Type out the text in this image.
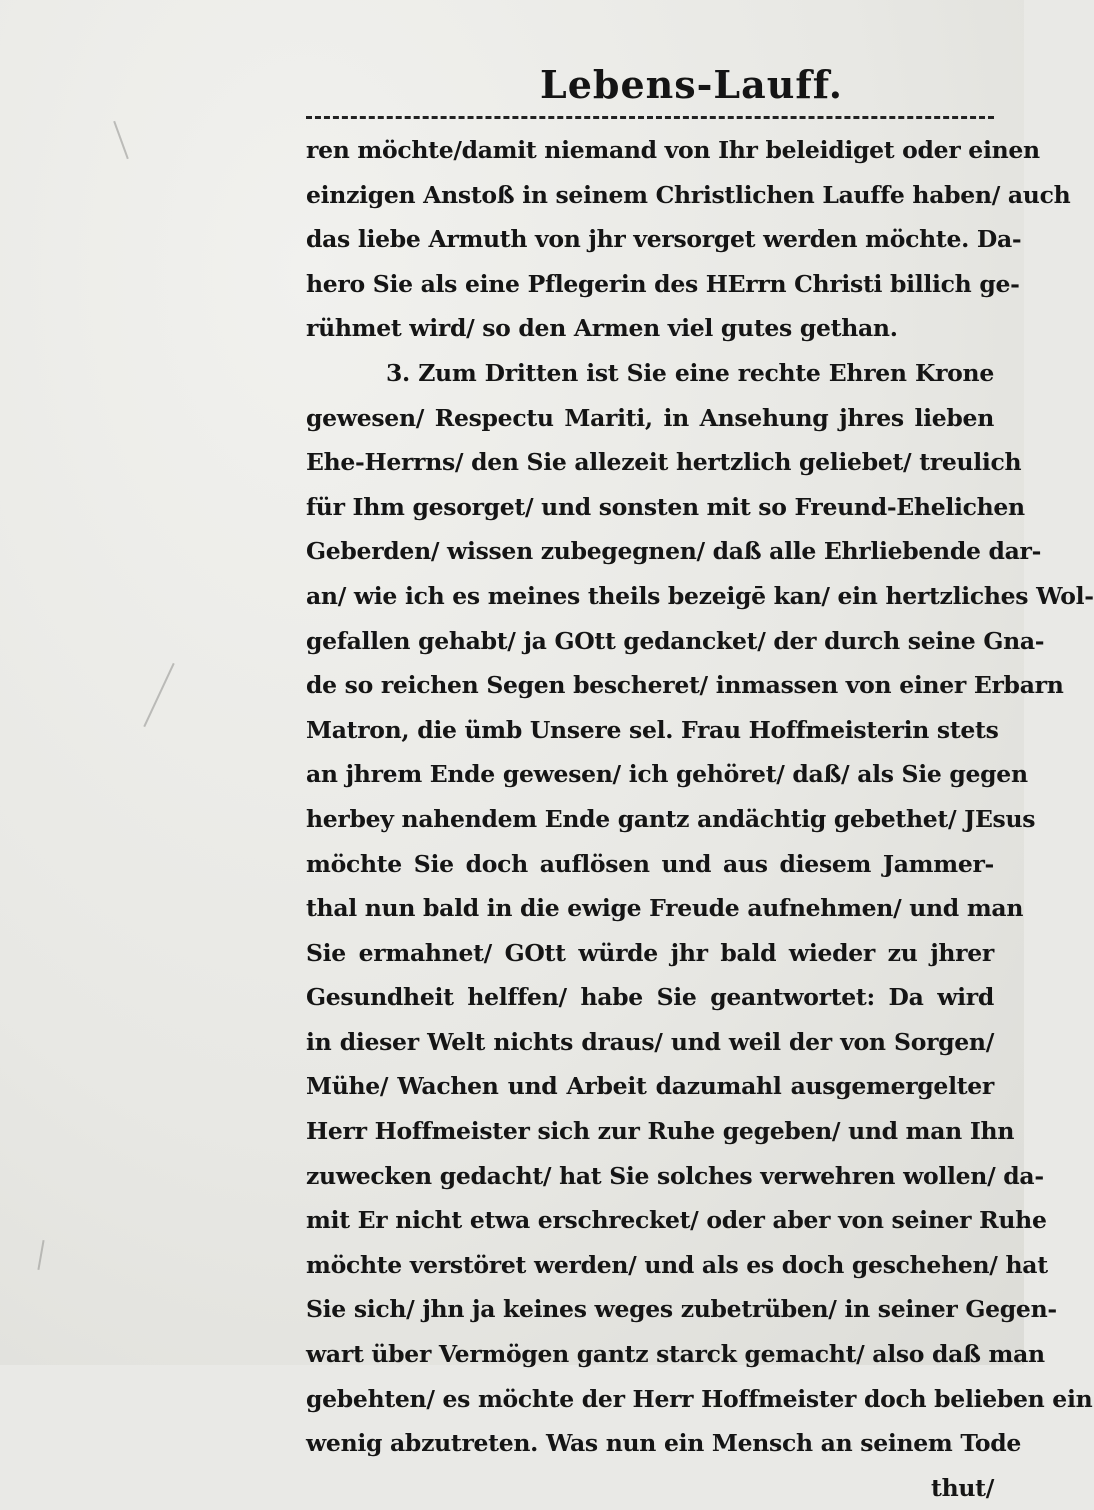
Lebens-Lauff.
ren möchte/damit niemand von Ihr beleidiget oder einen
einzigen Anstoß in seinem Christlichen Lauffe haben/ auch
das liebe Armuth von jhr versorget werden möchte. Da-
hero Sie als eine Pflegerin des HErrn Christi billich ge-
rühmet wird/ so den Armen viel gutes gethan.
3. Zum Dritten ist Sie eine rechte Ehren Krone
gewesen/ Respectu Mariti, in Ansehung jhres lieben
Ehe-Herrns/ den Sie allezeit hertzlich geliebet/ treulich
für Ihm gesorget/ und sonsten mit so Freund-Ehelichen
Geberden/ wissen zubegegnen/ daß alle Ehrliebende dar-
an/ wie ich es meines theils bezeigē kan/ ein hertzliches Wol-
gefallen gehabt/ ja GOtt gedancket/ der durch seine Gna-
de so reichen Segen bescheret/ inmassen von einer Erbarn
Matron, die ümb Unsere sel. Frau Hoffmeisterin stets
an jhrem Ende gewesen/ ich gehöret/ daß/ als Sie gegen
herbey nahendem Ende gantz andächtig gebethet/ JEsus
möchte Sie doch auflösen und aus diesem Jammer-
thal nun bald in die ewige Freude aufnehmen/ und man
Sie ermahnet/ GOtt würde jhr bald wieder zu jhrer
Gesundheit helffen/ habe Sie geantwortet: Da wird
in dieser Welt nichts draus/ und weil der von Sorgen/
Mühe/ Wachen und Arbeit dazumahl ausgemergelter
Herr Hoffmeister sich zur Ruhe gegeben/ und man Ihn
zuwecken gedacht/ hat Sie solches verwehren wollen/ da-
mit Er nicht etwa erschrecket/ oder aber von seiner Ruhe
möchte verstöret werden/ und als es doch geschehen/ hat
Sie sich/ jhn ja keines weges zubetrüben/ in seiner Gegen-
wart über Vermögen gantz starck gemacht/ also daß man
gebehten/ es möchte der Herr Hoffmeister doch belieben ein
wenig abzutreten. Was nun ein Mensch an seinem Tode
thut/
